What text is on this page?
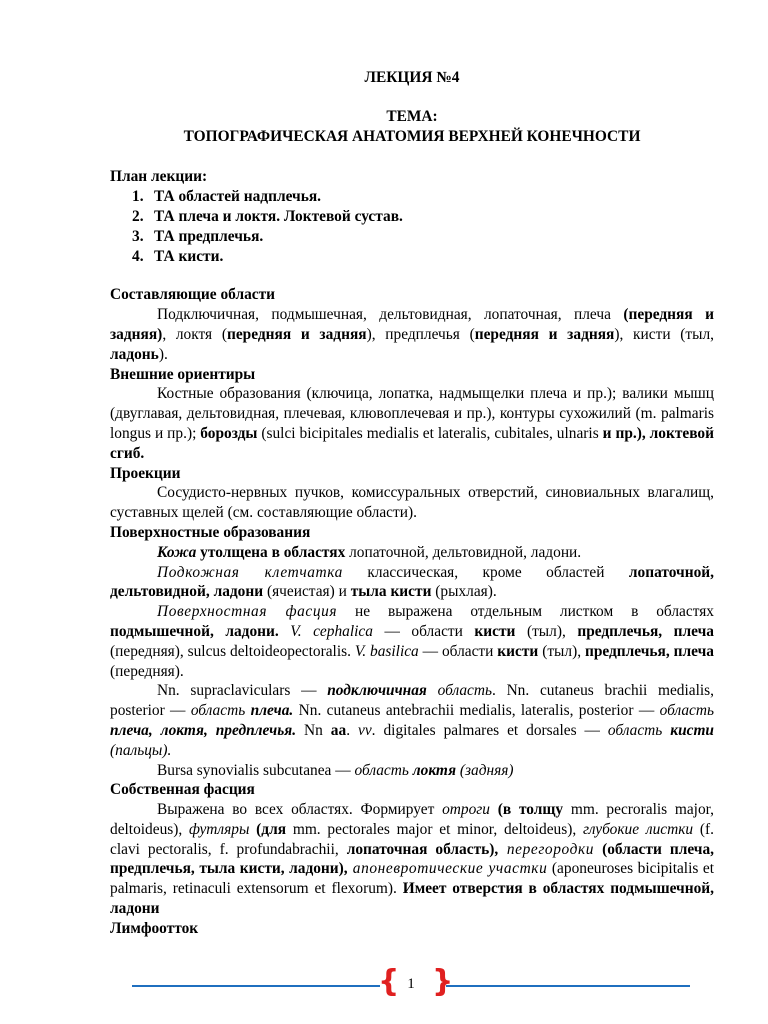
ЛЕКЦИЯ №4
ТЕМА:
ТОПОГРАФИЧЕСКАЯ АНАТОМИЯ ВЕРХНЕЙ КОНЕЧНОСТИ
План лекции:
1. ТА областей надплечья.
2. ТА плеча и локтя. Локтевой сустав.
3. ТА предплечья.
4. ТА кисти.
Составляющие области

Подключичная, подмышечная, дельтовидная, лопаточная, плеча (передняя и задняя), локтя (передняя и задняя), предплечья (передняя и задняя), кисти (тыл, ладонь).

Внешние ориентиры

Костные образования (ключица, лопатка, надмыщелки плеча и пр.); валики мышц (двуглавая, дельтовидная, плечевая, клювоплечевая и пр.), контуры сухожилий (m. palmaris longus и пр.); борозды (sulci bicipitales medialis et lateralis, cubitales, ulnaris и пр.), локтевой сгиб.

Проекции

Сосудисто-нервных пучков, комиссуральных отверстий, синовиальных влагалищ, суставных щелей (см. составляющие области).

Поверхностные образования

Кожа утолщена в областях лопаточной, дельтовидной, ладони.

Подкожная клетчатка классическая, кроме областей лопаточной, дельтовидной, ладони (ячеистая) и тыла кисти (рыхлая).

Поверхностная фасция не выражена отдельным листком в областях подмышечной, ладони. V. cephalica — области кисти (тыл), предплечья, плеча (передняя), sulcus deltoideopectoralis. V. basilica — области кисти (тыл), предплечья, плеча (передняя).

Nn. supraclaviculars — подключичная область. Nn. cutaneus brachii medialis, posterior — область плеча. Nn. cutaneus antebrachii medialis, lateralis, posterior — область плеча, локтя, предплечья. Nn aa. vv. digitales palmares et dorsales — область кисти (пальцы).

Bursa synovialis subcutanea — область локтя (задняя)

Собственная фасция

Выражена во всех областях. Формирует отроги (в толщу mm. pecroralis major, deltoideus), футляры (для mm. pectorales major et minor, deltoideus), глубокие листки (f. clavi pectoralis, f. profundabrachii, лопаточная область), перегородки (области плеча, предплечья, тыла кисти, ладони), апоневротические участки (aponeuroses bicipitalis et palmaris, retinaculi extensorum et flexorum). Имеет отверстия в областях подмышечной, ладони

Лимфоотток
{ }
1
